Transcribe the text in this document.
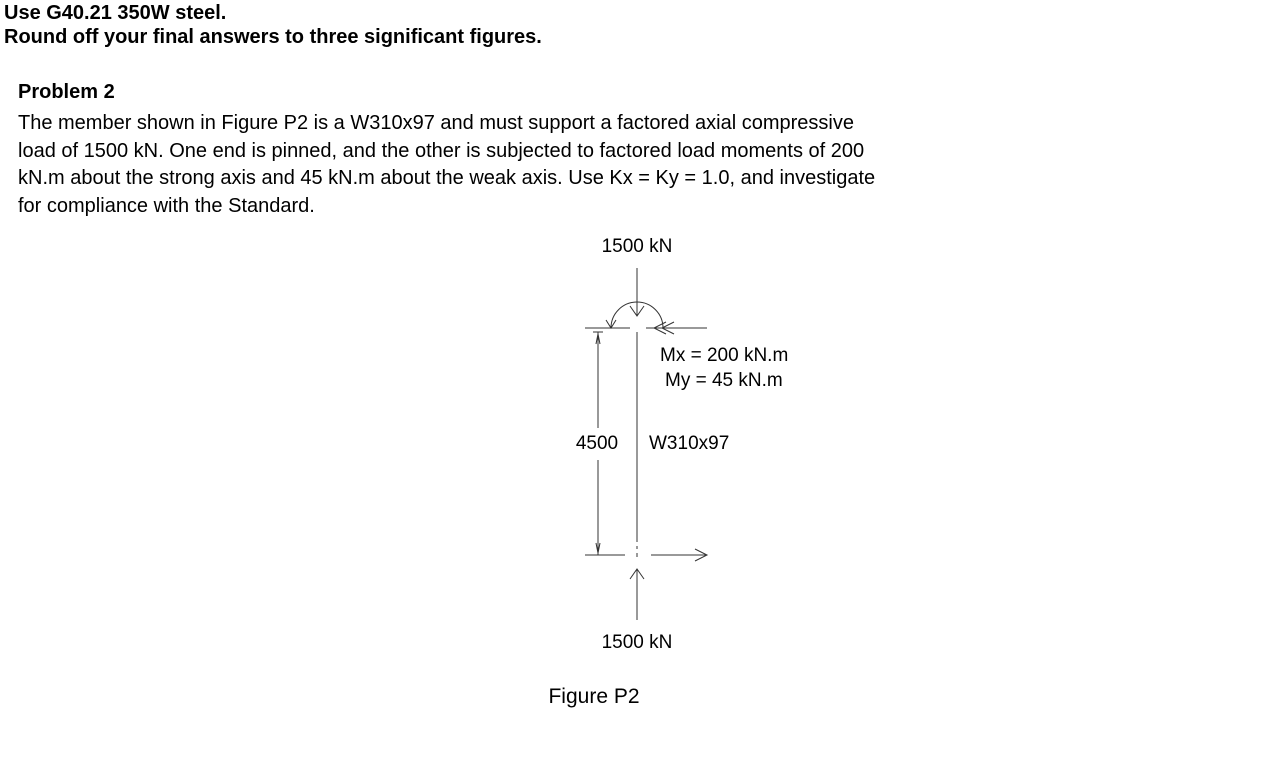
Use G40.21 350W steel.
Round off your final answers to three significant figures.
Problem 2
The member shown in Figure P2 is a W310x97 and must support a factored axial compressive
load of 1500 kN. One end is pinned, and the other is subjected to factored load moments of 200
kN.m about the strong axis and 45 kN.m about the weak axis. Use Kx = Ky = 1.0, and investigate
for compliance with the Standard.
1500 kN
Mx = 200 kN.m
My = 45 kN.m
4500 W310x97
1500 kN
Figure P2
